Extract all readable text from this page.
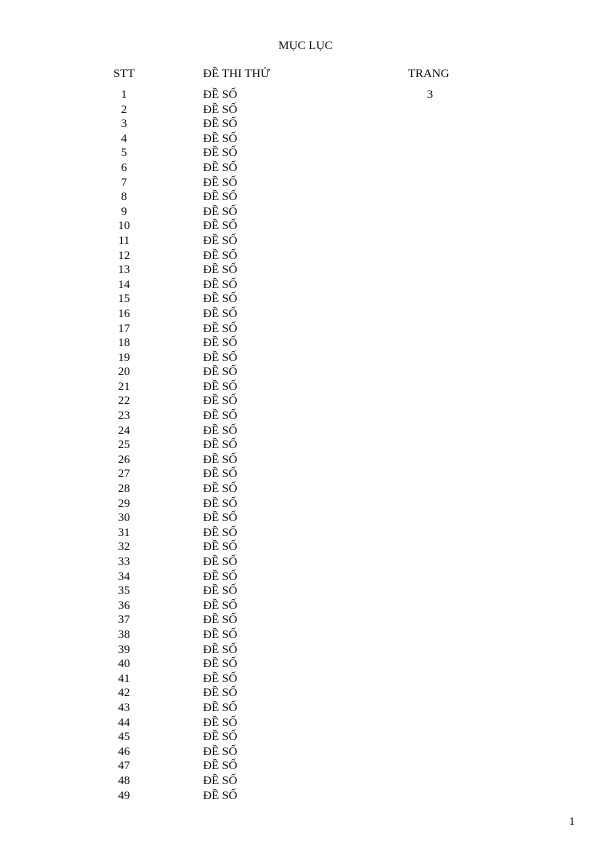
MỤC LỤC
STT	ĐỀ THI THỬ	TRANG
1	ĐỀ SỐ	3
2	ĐỀ SỐ
3	ĐỀ SỐ
4	ĐỀ SỐ
5	ĐỀ SỐ
6	ĐỀ SỐ
7	ĐỀ SỐ
8	ĐỀ SỐ
9	ĐỀ SỐ
10	ĐỀ SỐ
11	ĐỀ SỐ
12	ĐỀ SỐ
13	ĐỀ SỐ
14	ĐỀ SỐ
15	ĐỀ SỐ
16	ĐỀ SỐ
17	ĐỀ SỐ
18	ĐỀ SỐ
19	ĐỀ SỐ
20	ĐỀ SỐ
21	ĐỀ SỐ
22	ĐỀ SỐ
23	ĐỀ SỐ
24	ĐỀ SỐ
25	ĐỀ SỐ
26	ĐỀ SỐ
27	ĐỀ SỐ
28	ĐỀ SỐ
29	ĐỀ SỐ
30	ĐỀ SỐ
31	ĐỀ SỐ
32	ĐỀ SỐ
33	ĐỀ SỐ
34	ĐỀ SỐ
35	ĐỀ SỐ
36	ĐỀ SỐ
37	ĐỀ SỐ
38	ĐỀ SỐ
39	ĐỀ SỐ
40	ĐỀ SỐ
41	ĐỀ SỐ
42	ĐỀ SỐ
43	ĐỀ SỐ
44	ĐỀ SỐ
45	ĐỀ SỐ
46	ĐỀ SỐ
47	ĐỀ SỐ
48	ĐỀ SỐ
49	ĐỀ SỐ
1
